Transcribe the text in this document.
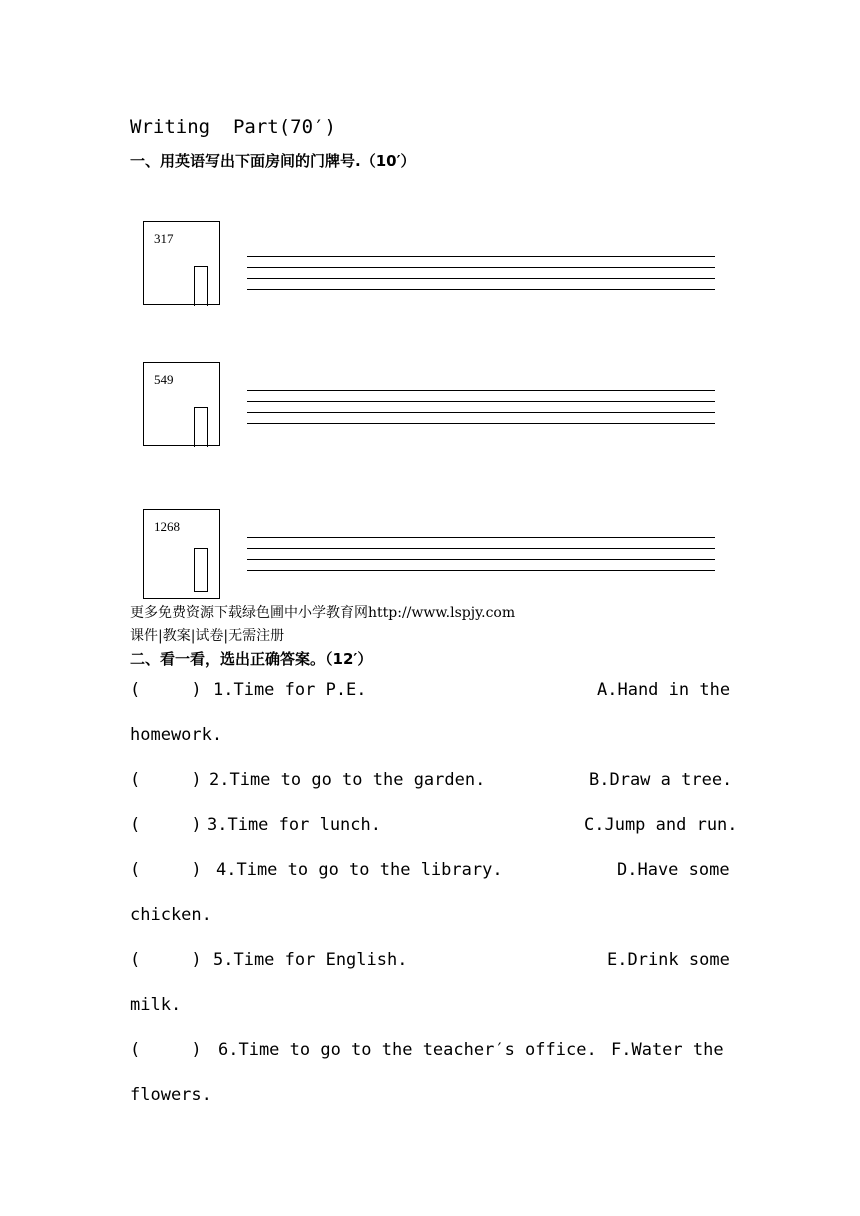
Writing  Part(70′)
一、用英语写出下面房间的门牌号.（10′）
317
549
1268
更多免费资源下载绿色圃中小学教育网http://www.lspjy.com
课件|教案|试卷|无需注册
二、看一看，选出正确答案。（12′）
(     ) 1.Time for P.E.	A.Hand in the
homework.
(     ) 2.Time to go to the garden.	B.Draw a tree.
(     ) 3.Time for lunch.	C.Jump and run.
(     ) 4.Time to go to the library.	D.Have some
chicken.
(     ) 5.Time for English.	E.Drink some
milk.
(     ) 6.Time to go to the teacher′s office. F.Water the
flowers.
